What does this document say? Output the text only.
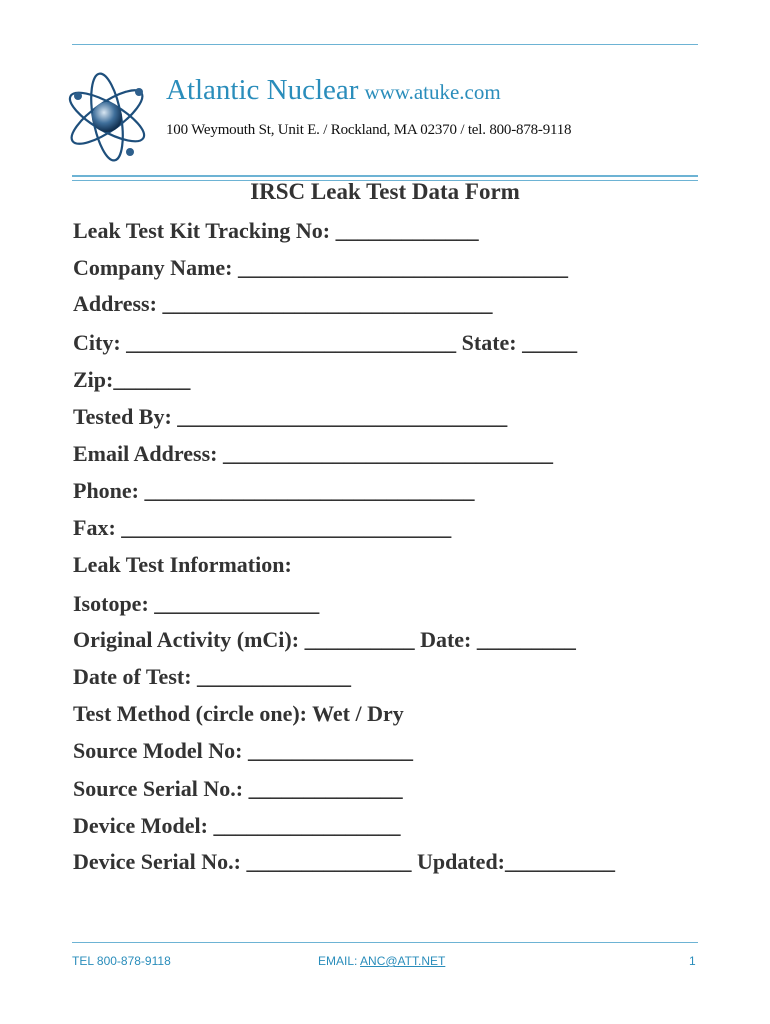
Atlantic Nuclear www.atuke.com
100 Weymouth St, Unit E. / Rockland, MA 02370 / tel. 800-878-9118
IRSC Leak Test Data Form
Leak Test Kit Tracking No: _____________
Company Name: ______________________________
Address: ______________________________
City: ______________________________ State: _____
Zip:_______
Tested By: ______________________________
Email Address: ______________________________
Phone: ______________________________
Fax: ______________________________
Leak Test Information:
Isotope: _______________
Original Activity (mCi): __________ Date: _________
Date of Test: ______________
Test Method (circle one): Wet / Dry
Source Model No: _______________
Source Serial No.: ______________
Device Model: _________________
Device Serial No.: _______________ Updated:__________
TEL 800-878-9118	EMAIL: ANC@ATT.NET	1
